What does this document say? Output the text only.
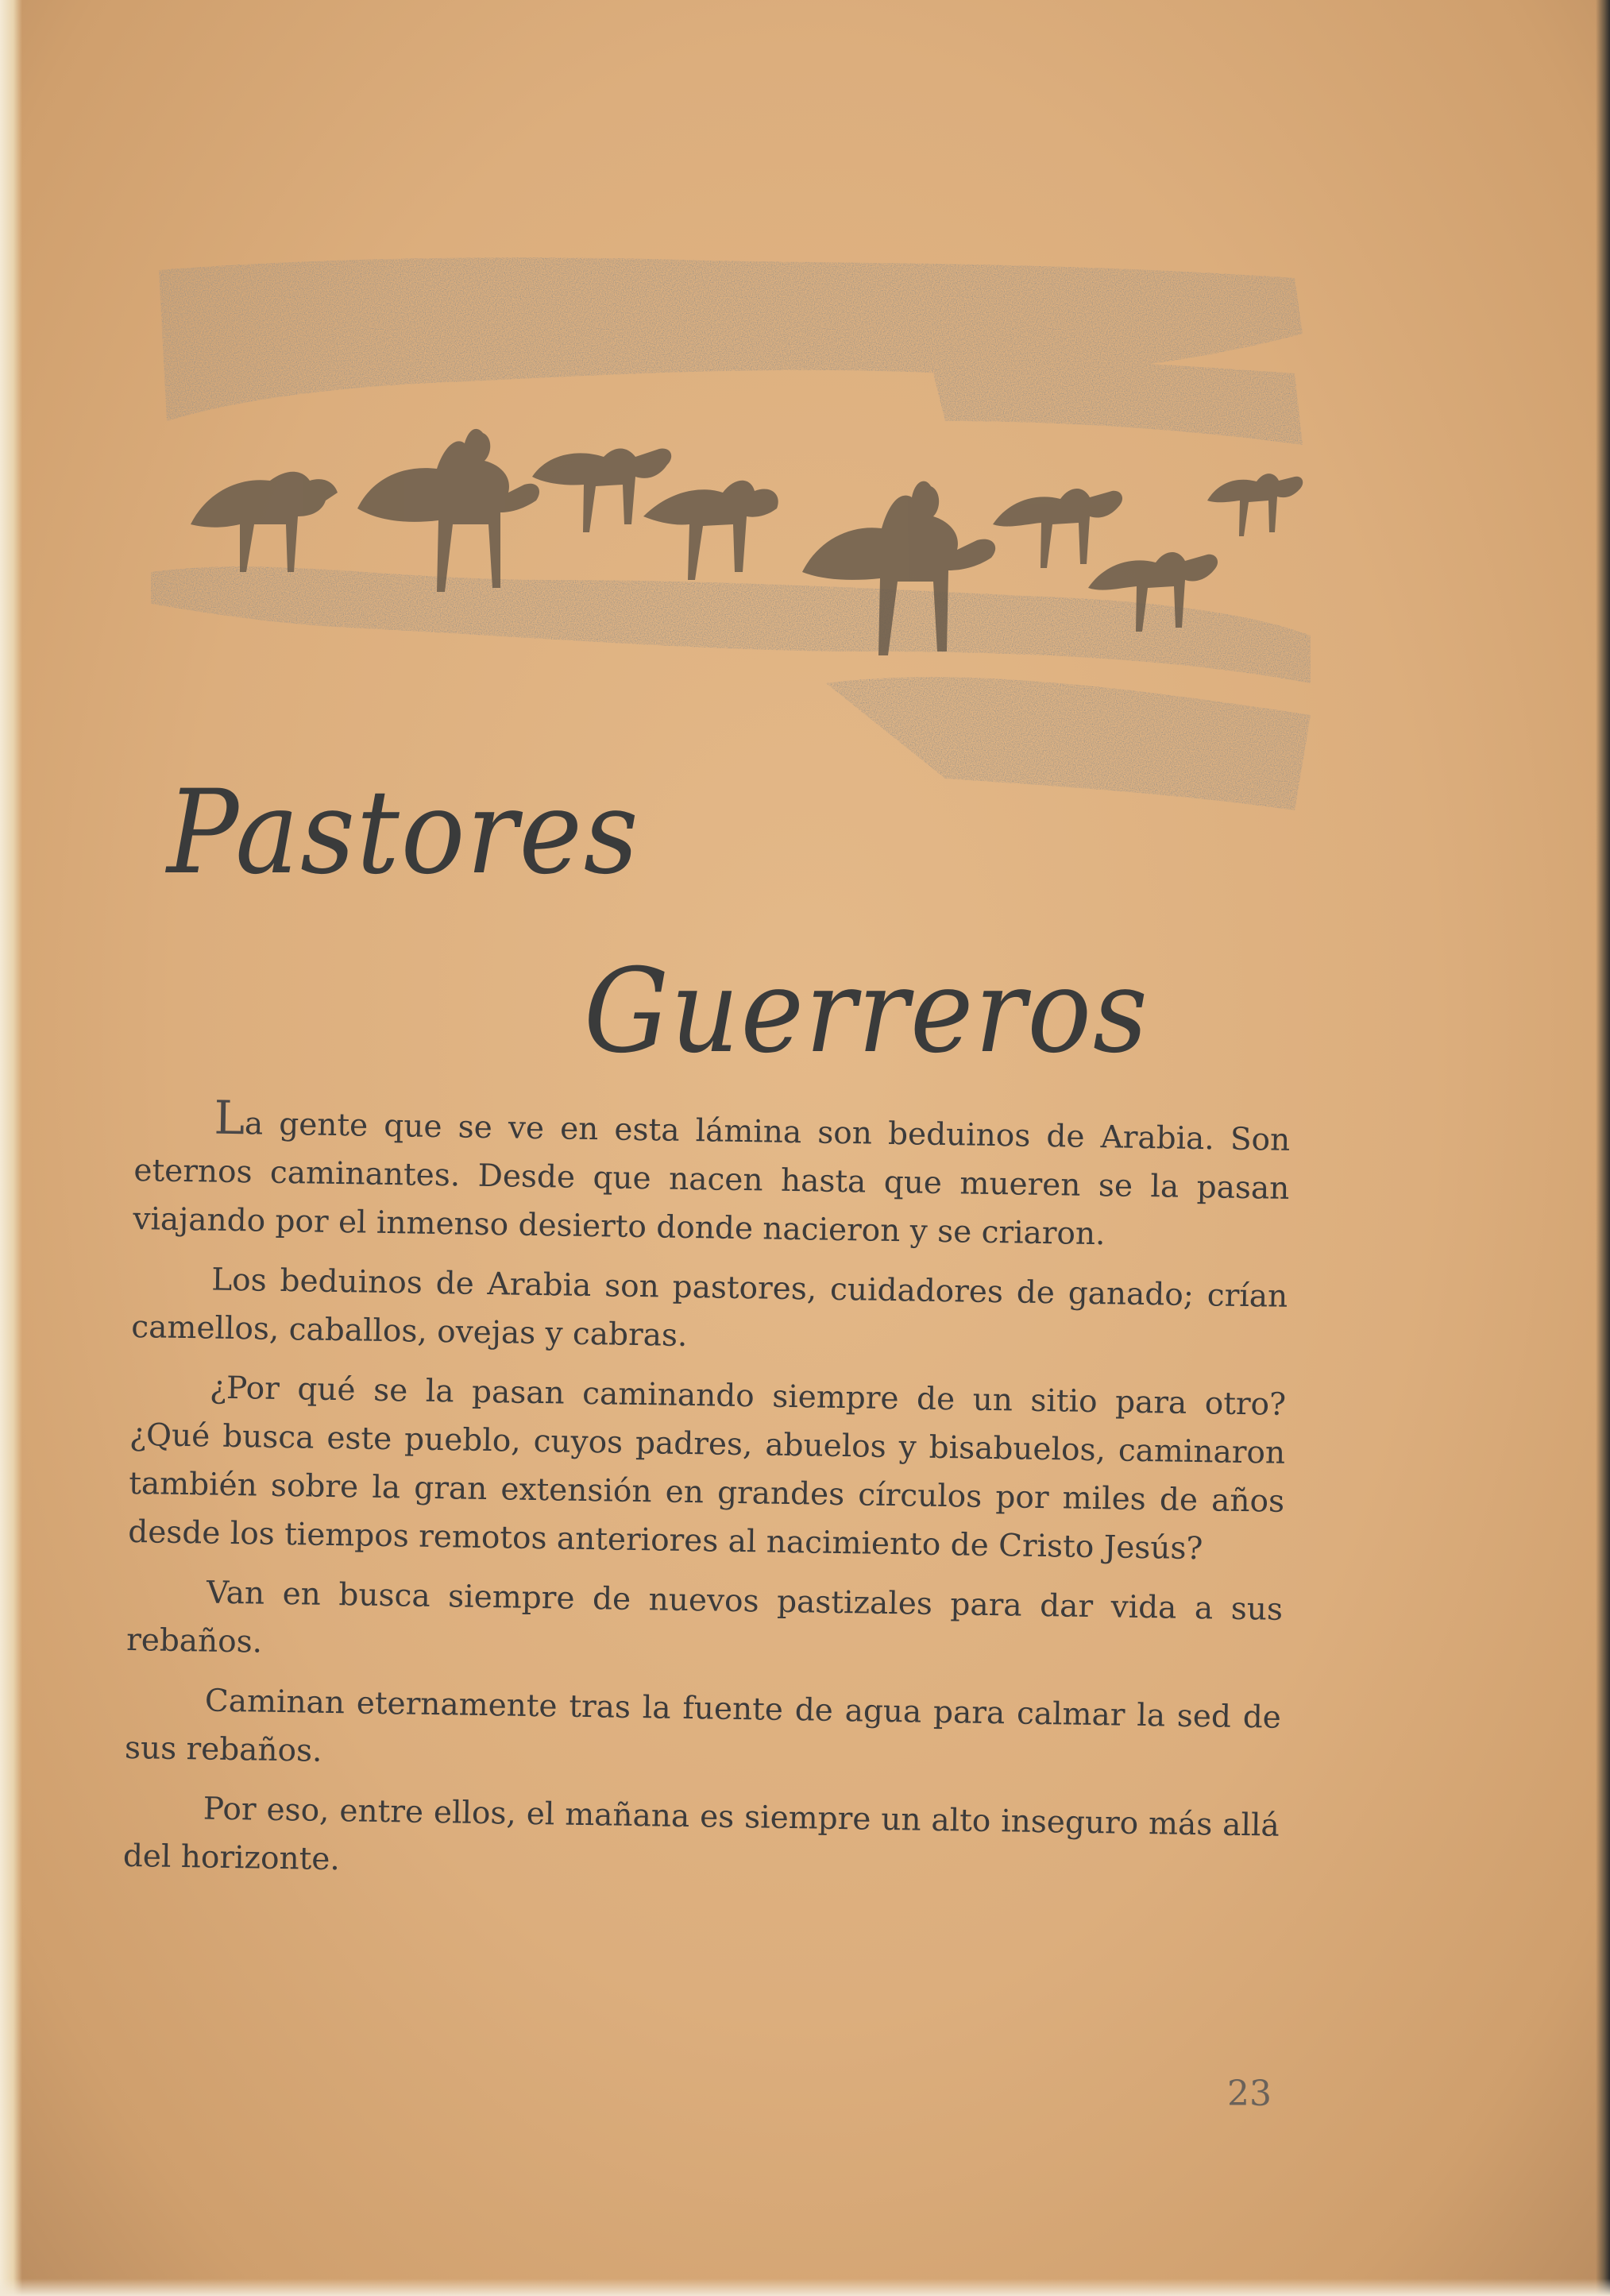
Pastores
Guerreros

La gente que se ve en esta lámina son beduinos de Arabia. Son eternos caminantes. Desde que nacen hasta que mueren se la pasan viajando por el inmenso desierto donde nacieron y se criaron.

Los beduinos de Arabia son pastores, cuidadores de ganado; crían camellos, caballos, ovejas y cabras.

¿Por qué se la pasan caminando siempre de un sitio para otro? ¿Qué busca este pueblo, cuyos padres, abuelos y bisabuelos, caminaron también sobre la gran extensión en grandes círculos por miles de años desde los tiempos remotos anteriores al nacimiento de Cristo Jesús?

Van en busca siempre de nuevos pastizales para dar vida a sus rebaños.

Caminan eternamente tras la fuente de agua para calmar la sed de sus rebaños.

Por eso, entre ellos, el mañana es siempre un alto inseguro más allá del horizonte.

23
